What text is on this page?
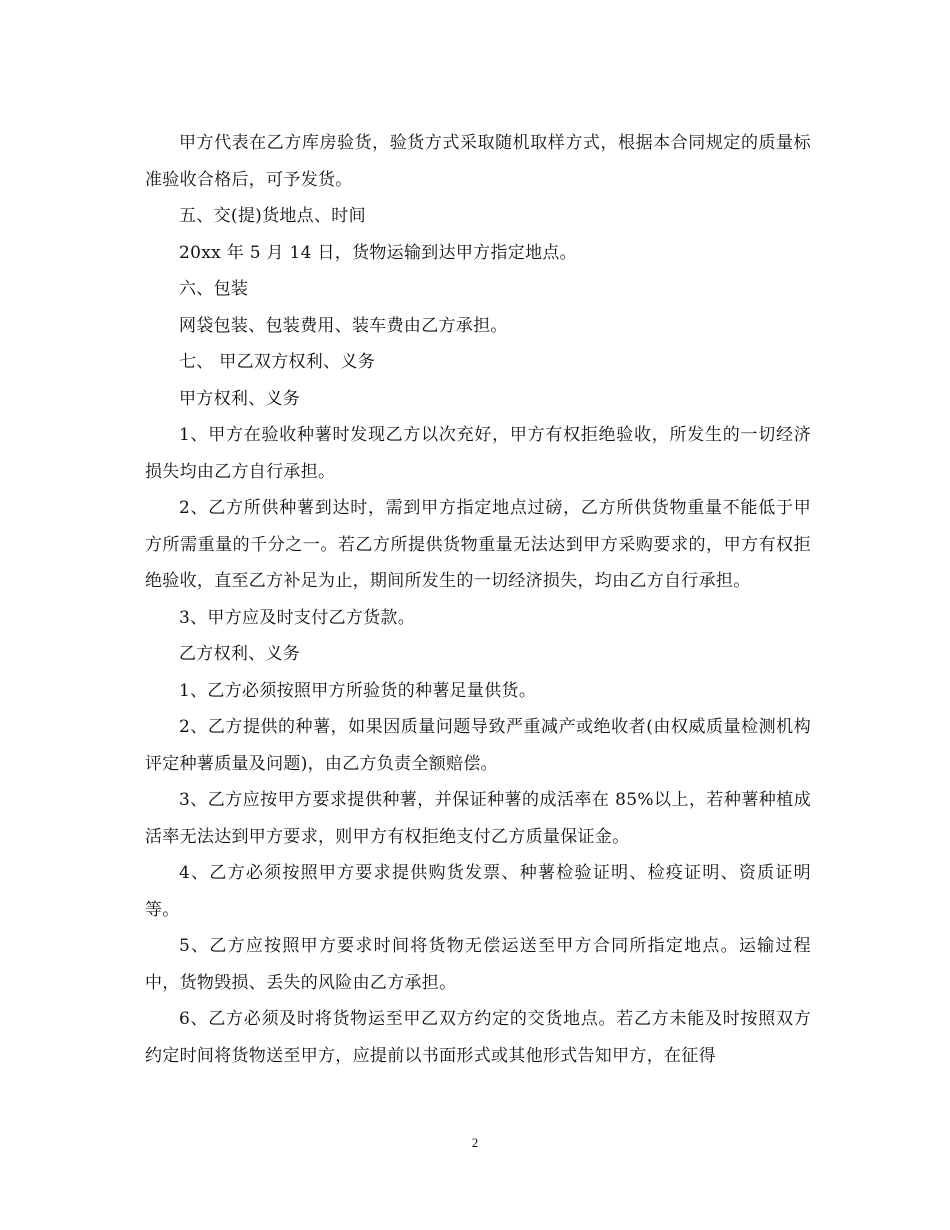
甲方代表在乙方库房验货，验货方式采取随机取样方式，根据本合同规定的质量标准验收合格后，可予发货。

五、交(提)货地点、时间

20xx 年 5 月 14 日，货物运输到达甲方指定地点。

六、包装

网袋包装、包装费用、装车费由乙方承担。

七、 甲乙双方权利、义务

甲方权利、义务

1、甲方在验收种薯时发现乙方以次充好，甲方有权拒绝验收，所发生的一切经济损失均由乙方自行承担。

2、乙方所供种薯到达时，需到甲方指定地点过磅，乙方所供货物重量不能低于甲方所需重量的千分之一。若乙方所提供货物重量无法达到甲方采购要求的，甲方有权拒绝验收，直至乙方补足为止，期间所发生的一切经济损失，均由乙方自行承担。

3、甲方应及时支付乙方货款。

乙方权利、义务

1、乙方必须按照甲方所验货的种薯足量供货。

2、乙方提供的种薯，如果因质量问题导致严重减产或绝收者(由权威质量检测机构评定种薯质量及问题)，由乙方负责全额赔偿。

3、乙方应按甲方要求提供种薯，并保证种薯的成活率在 85%以上，若种薯种植成活率无法达到甲方要求，则甲方有权拒绝支付乙方质量保证金。

4、乙方必须按照甲方要求提供购货发票、种薯检验证明、检疫证明、资质证明等。

5、乙方应按照甲方要求时间将货物无偿运送至甲方合同所指定地点。运输过程中，货物毁损、丢失的风险由乙方承担。

6、乙方必须及时将货物运至甲乙双方约定的交货地点。若乙方未能及时按照双方约定时间将货物送至甲方，应提前以书面形式或其他形式告知甲方，在征得

2
